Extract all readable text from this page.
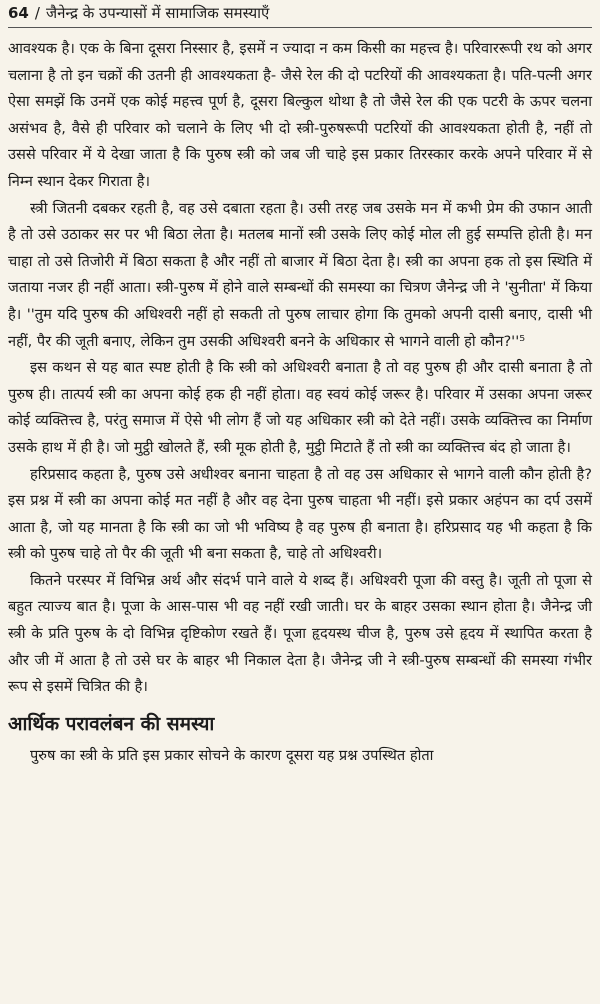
64 / जैनेन्द्र के उपन्यासों में सामाजिक समस्याएँ

आवश्यक है। एक के बिना दूसरा निस्सार है, इसमें न ज्यादा न कम किसी का महत्त्व है। परिवाररूपी रथ को अगर चलाना है तो इन चक्रों की उतनी ही आवश्यकता है- जैसे रेल की दो पटरियों की आवश्यकता है। पति-पत्नी अगर ऐसा समझें कि उनमें एक कोई महत्त्व पूर्ण है, दूसरा बिल्कुल थोथा है तो जैसे रेल की एक पटरी के ऊपर चलना असंभव है, वैसे ही परिवार को चलाने के लिए भी दो स्त्री-पुरुषरूपी पटरियों की आवश्यकता होती है, नहीं तो उससे परिवार में ये देखा जाता है कि पुरुष स्त्री को जब जी चाहे इस प्रकार तिरस्कार करके अपने परिवार में से निम्न स्थान देकर गिराता है।

स्त्री जितनी दबकर रहती है, वह उसे दबाता रहता है। उसी तरह जब उसके मन में कभी प्रेम की उफान आती है तो उसे उठाकर सर पर भी बिठा लेता है। मतलब मानों स्त्री उसके लिए कोई मोल ली हुई सम्पत्ति होती है। मन चाहा तो उसे तिजोरी में बिठा सकता है और नहीं तो बाजार में बिठा देता है। स्त्री का अपना हक तो इस स्थिति में जताया नजर ही नहीं आता। स्त्री-पुरुष में होने वाले सम्बन्धों की समस्या का चित्रण जैनेन्द्र जी ने 'सुनीता' में किया है। ''तुम यदि पुरुष की अधिश्वरी नहीं हो सकती तो पुरुष लाचार होगा कि तुमको अपनी दासी बनाए, दासी भी नहीं, पैर की जूती बनाए, लेकिन तुम उसकी अधिश्वरी बनने के अधिकार से भागने वाली हो कौन?''⁵

इस कथन से यह बात स्पष्ट होती है कि स्त्री को अधिश्वरी बनाता है तो वह पुरुष ही और दासी बनाता है तो पुरुष ही। तात्पर्य स्त्री का अपना कोई हक ही नहीं होता। वह स्वयं कोई जरूर है। परिवार में उसका अपना जरूर कोई व्यक्तित्त्व है, परंतु समाज में ऐसे भी लोग हैं जो यह अधिकार स्त्री को देते नहीं। उसके व्यक्तित्त्व का निर्माण उसके हाथ में ही है। जो मुट्ठी खोलते हैं, स्त्री मूक होती है, मुट्ठी मिटाते हैं तो स्त्री का व्यक्तित्त्व बंद हो जाता है।

हरिप्रसाद कहता है, पुरुष उसे अधीश्वर बनाना चाहता है तो वह उस अधिकार से भागने वाली कौन होती है? इस प्रश्न में स्त्री का अपना कोई मत नहीं है और वह देना पुरुष चाहता भी नहीं। इसे प्रकार अहंपन का दर्प उसमें आता है, जो यह मानता है कि स्त्री का जो भी भविष्य है वह पुरुष ही बनाता है। हरिप्रसाद यह भी कहता है कि स्त्री को पुरुष चाहे तो पैर की जूती भी बना सकता है, चाहे तो अधिश्वरी।

कितने परस्पर में विभिन्न अर्थ और संदर्भ पाने वाले ये शब्द हैं। अधिश्वरी पूजा की वस्तु है। जूती तो पूजा से बहुत त्याज्य बात है। पूजा के आस-पास भी वह नहीं रखी जाती। घर के बाहर उसका स्थान होता है। जैनेन्द्र जी स्त्री के प्रति पुरुष के दो विभिन्न दृष्टिकोण रखते हैं। पूजा हृदयस्थ चीज है, पुरुष उसे हृदय में स्थापित करता है और जी में आता है तो उसे घर के बाहर भी निकाल देता है। जैनेन्द्र जी ने स्त्री-पुरुष सम्बन्धों की समस्या गंभीर रूप से इसमें चित्रित की है।

आर्थिक परावलंबन की समस्या

पुरुष का स्त्री के प्रति इस प्रकार सोचने के कारण दूसरा यह प्रश्न उपस्थित होता
